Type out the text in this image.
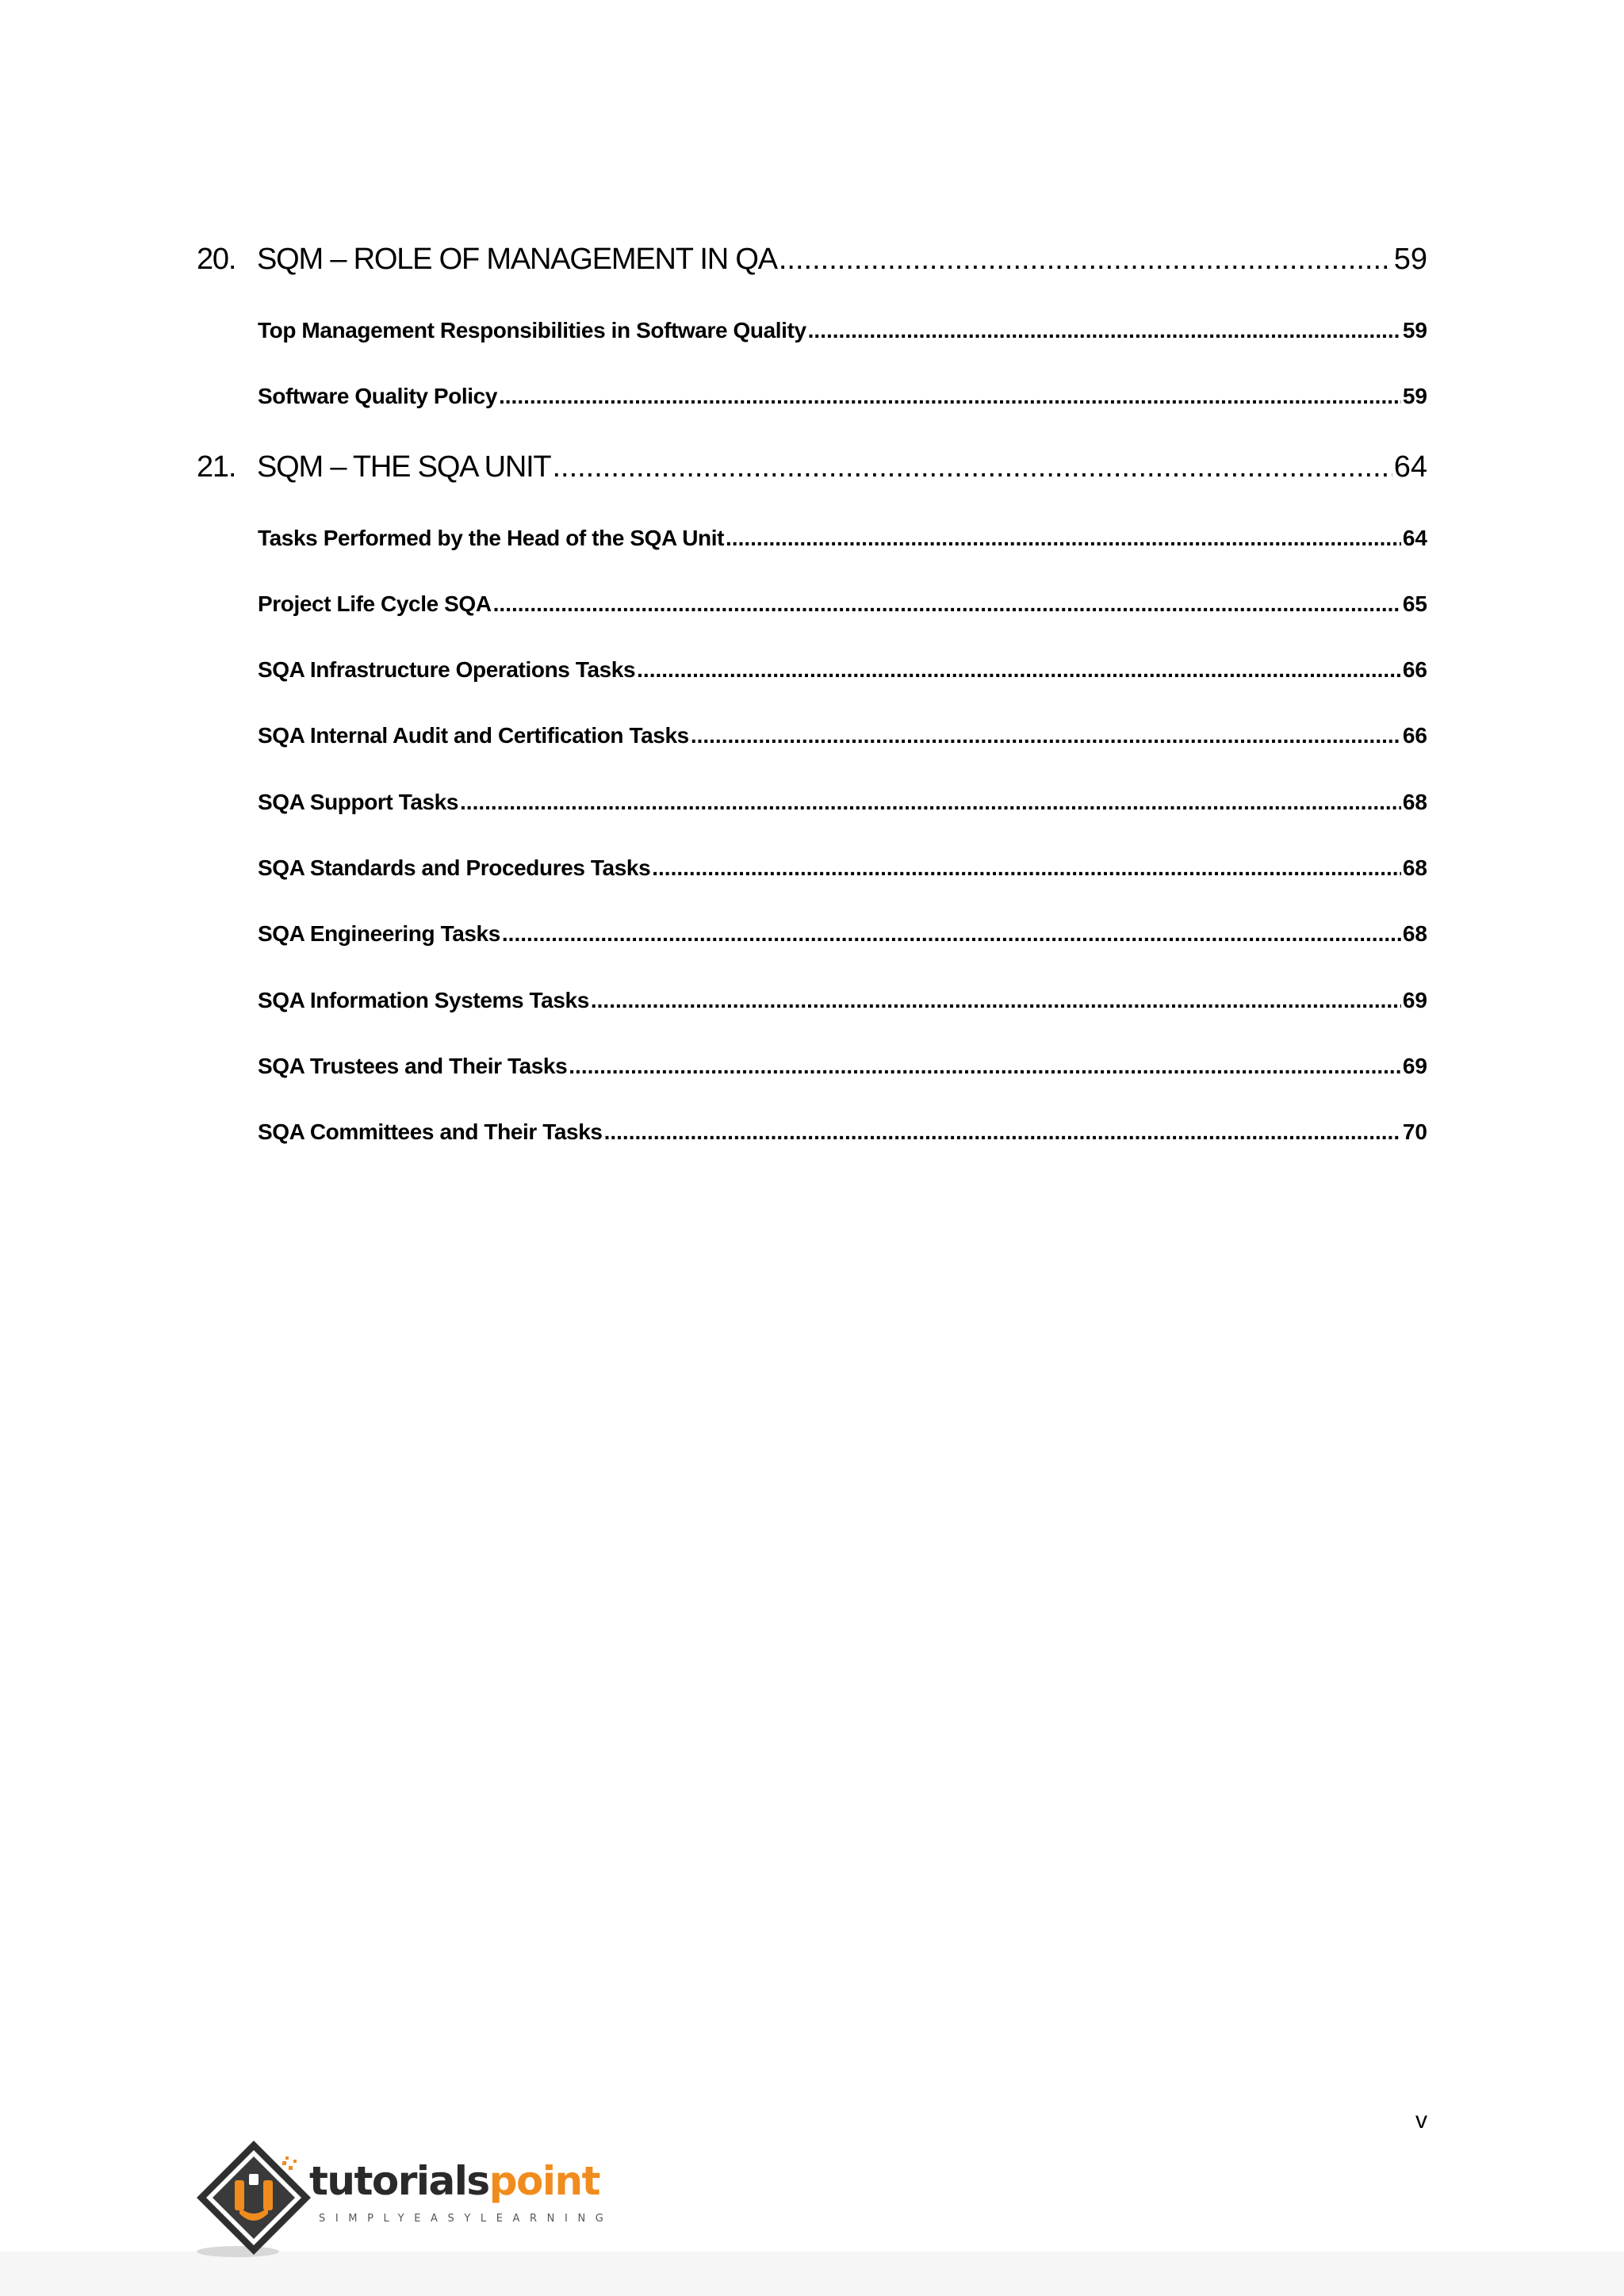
20. SQM – ROLE OF MANAGEMENT IN QA .....	59
Top Management Responsibilities in Software Quality .....	59
Software Quality Policy .....	59
21. SQM – THE SQA UNIT .....	64
Tasks Performed by the Head of the SQA Unit .....	64
Project Life Cycle SQA .....	65
SQA Infrastructure Operations Tasks .....	66
SQA Internal Audit and Certification Tasks .....	66
SQA Support Tasks .....	68
SQA Standards and Procedures Tasks .....	68
SQA Engineering Tasks .....	68
SQA Information Systems Tasks .....	69
SQA Trustees and Their Tasks .....	69
SQA Committees and Their Tasks .....	70
v
tutorialspoint
SIMPLYEASYLEARNING
